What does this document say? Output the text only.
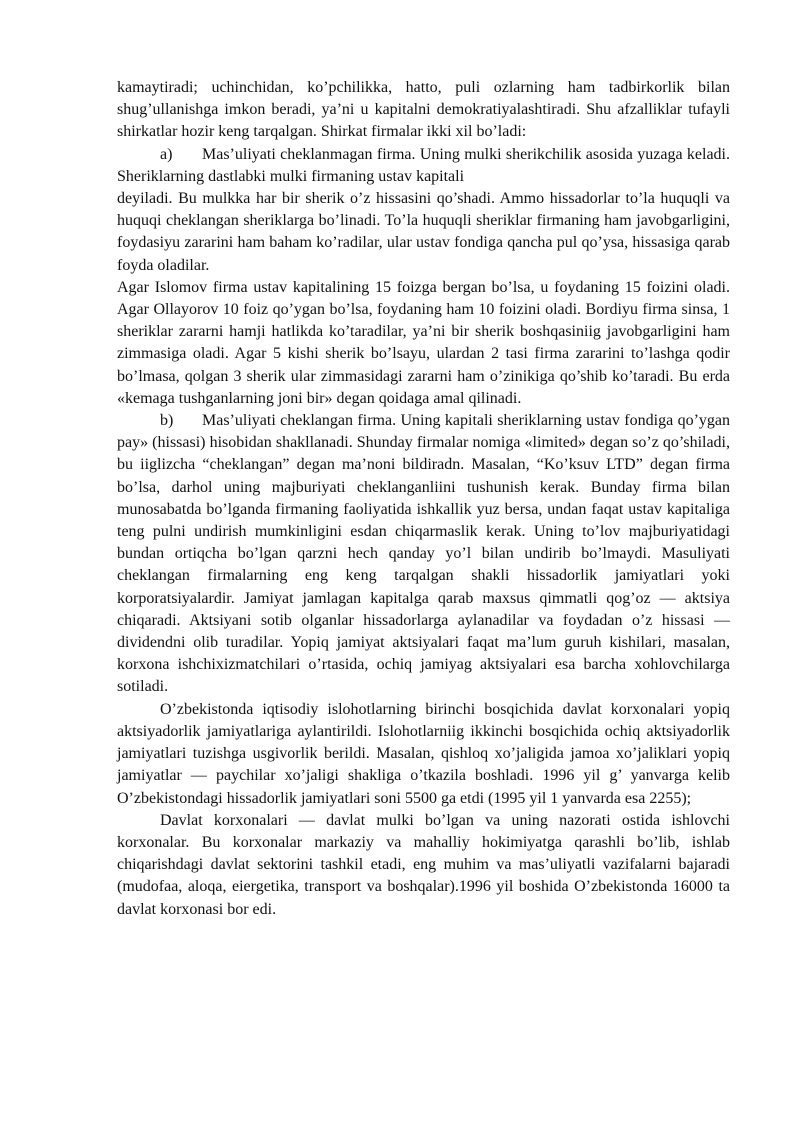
kamaytiradi; uchinchidan, ko’pchilikka, hatto, puli ozlarning ham tadbirkorlik bilan shug’ullanishga imkon beradi, ya’ni u kapitalni demokratiyalashtiradi. Shu afzalliklar tufayli shirkatlar hozir keng tarqalgan. Shirkat firmalar ikki xil bo’ladi:

a) Mas’uliyati cheklanmagan firma. Uning mulki sherikchilik asosida yuzaga keladi. Sheriklarning dastlabki mulki firmaning ustav kapitali

deyiladi. Bu mulkka har bir sherik o’z hissasini qo’shadi. Ammo hissadorlar to’la huquqli va huquqi cheklangan sheriklarga bo’linadi. To’la huquqli sheriklar firmaning ham javobgarligini, foydasiyu zararini ham baham ko’radilar, ular ustav fondiga qancha pul qo’ysa, hissasiga qarab foyda oladilar.

Agar Islomov firma ustav kapitalining 15 foizga bergan bo’lsa, u foydaning 15 foizini oladi. Agar Ollayorov 10 foiz qo’ygan bo’lsa, foydaning ham 10 foizini oladi. Bordiyu firma sinsa, 1 sheriklar zararni hamji hatlikda ko’taradilar, ya’ni bir sherik boshqasiniig javobgarligini ham zimmasiga oladi. Agar 5 kishi sherik bo’lsayu, ulardan 2 tasi firma zararini to’lashga qodir bo’lmasa, qolgan 3 sherik ular zimmasidagi zararni ham o’zinikiga qo’shib ko’taradi. Bu erda «kemaga tushganlarning joni bir» degan qoidaga amal qilinadi.

b) Mas’uliyati cheklangan firma. Uning kapitali sheriklarning ustav fondiga qo’ygan pay» (hissasi) hisobidan shakllanadi. Shunday firmalar nomiga «limited» degan so’z qo’shiladi, bu iiglizcha “cheklangan” degan ma’noni bildiradn. Masalan, “Ko’ksuv LTD” degan firma bo’lsa, darhol uning majburiyati cheklanganliini tushunish kerak. Bunday firma bilan munosabatda bo’lganda firmaning faoliyatida ishkallik yuz bersa, undan faqat ustav kapitaliga teng pulni undirish mumkinligini esdan chiqarmaslik kerak. Uning to’lov majburiyatidagi bundan ortiqcha bo’lgan qarzni hech qanday yo’l bilan undirib bo’lmaydi. Masuliyati cheklangan firmalarning eng keng tarqalgan shakli hissadorlik jamiyatlari yoki korporatsiyalardir. Jamiyat jamlagan kapitalga qarab maxsus qimmatli qog’oz — aktsiya chiqaradi. Aktsiyani sotib olganlar hissadorlarga aylanadilar va foydadan o’z hissasi — dividendni olib turadilar. Yopiq jamiyat aktsiyalari faqat ma’lum guruh kishilari, masalan, korxona ishchixizmatchilari o’rtasida, ochiq jamiyag aktsiyalari esa barcha xohlovchilarga sotiladi.

O’zbekistonda iqtisodiy islohotlarning birinchi bosqichida davlat korxonalari yopiq aktsiyadorlik jamiyatlariga aylantirildi. Islohotlarniig ikkinchi bosqichida ochiq aktsiyadorlik jamiyatlari tuzishga usgivorlik berildi. Masalan, qishloq xo’jaligida jamoa xo’jaliklari yopiq jamiyatlar — paychilar xo’jaligi shakliga o’tkazila boshladi. 1996 yil g’ yanvarga kelib O’zbekistondagi hissadorlik jamiyatlari soni 5500 ga etdi (1995 yil 1 yanvarda esa 2255);

Davlat korxonalari — davlat mulki bo’lgan va uning nazorati ostida ishlovchi korxonalar. Bu korxonalar markaziy va mahalliy hokimiyatga qarashli bo’lib, ishlab chiqarishdagi davlat sektorini tashkil etadi, eng muhim va mas’uliyatli vazifalarni bajaradi (mudofaa, aloqa, eiergetika, transport va boshqalar).1996 yil boshida O’zbekistonda 16000 ta davlat korxonasi bor edi.
